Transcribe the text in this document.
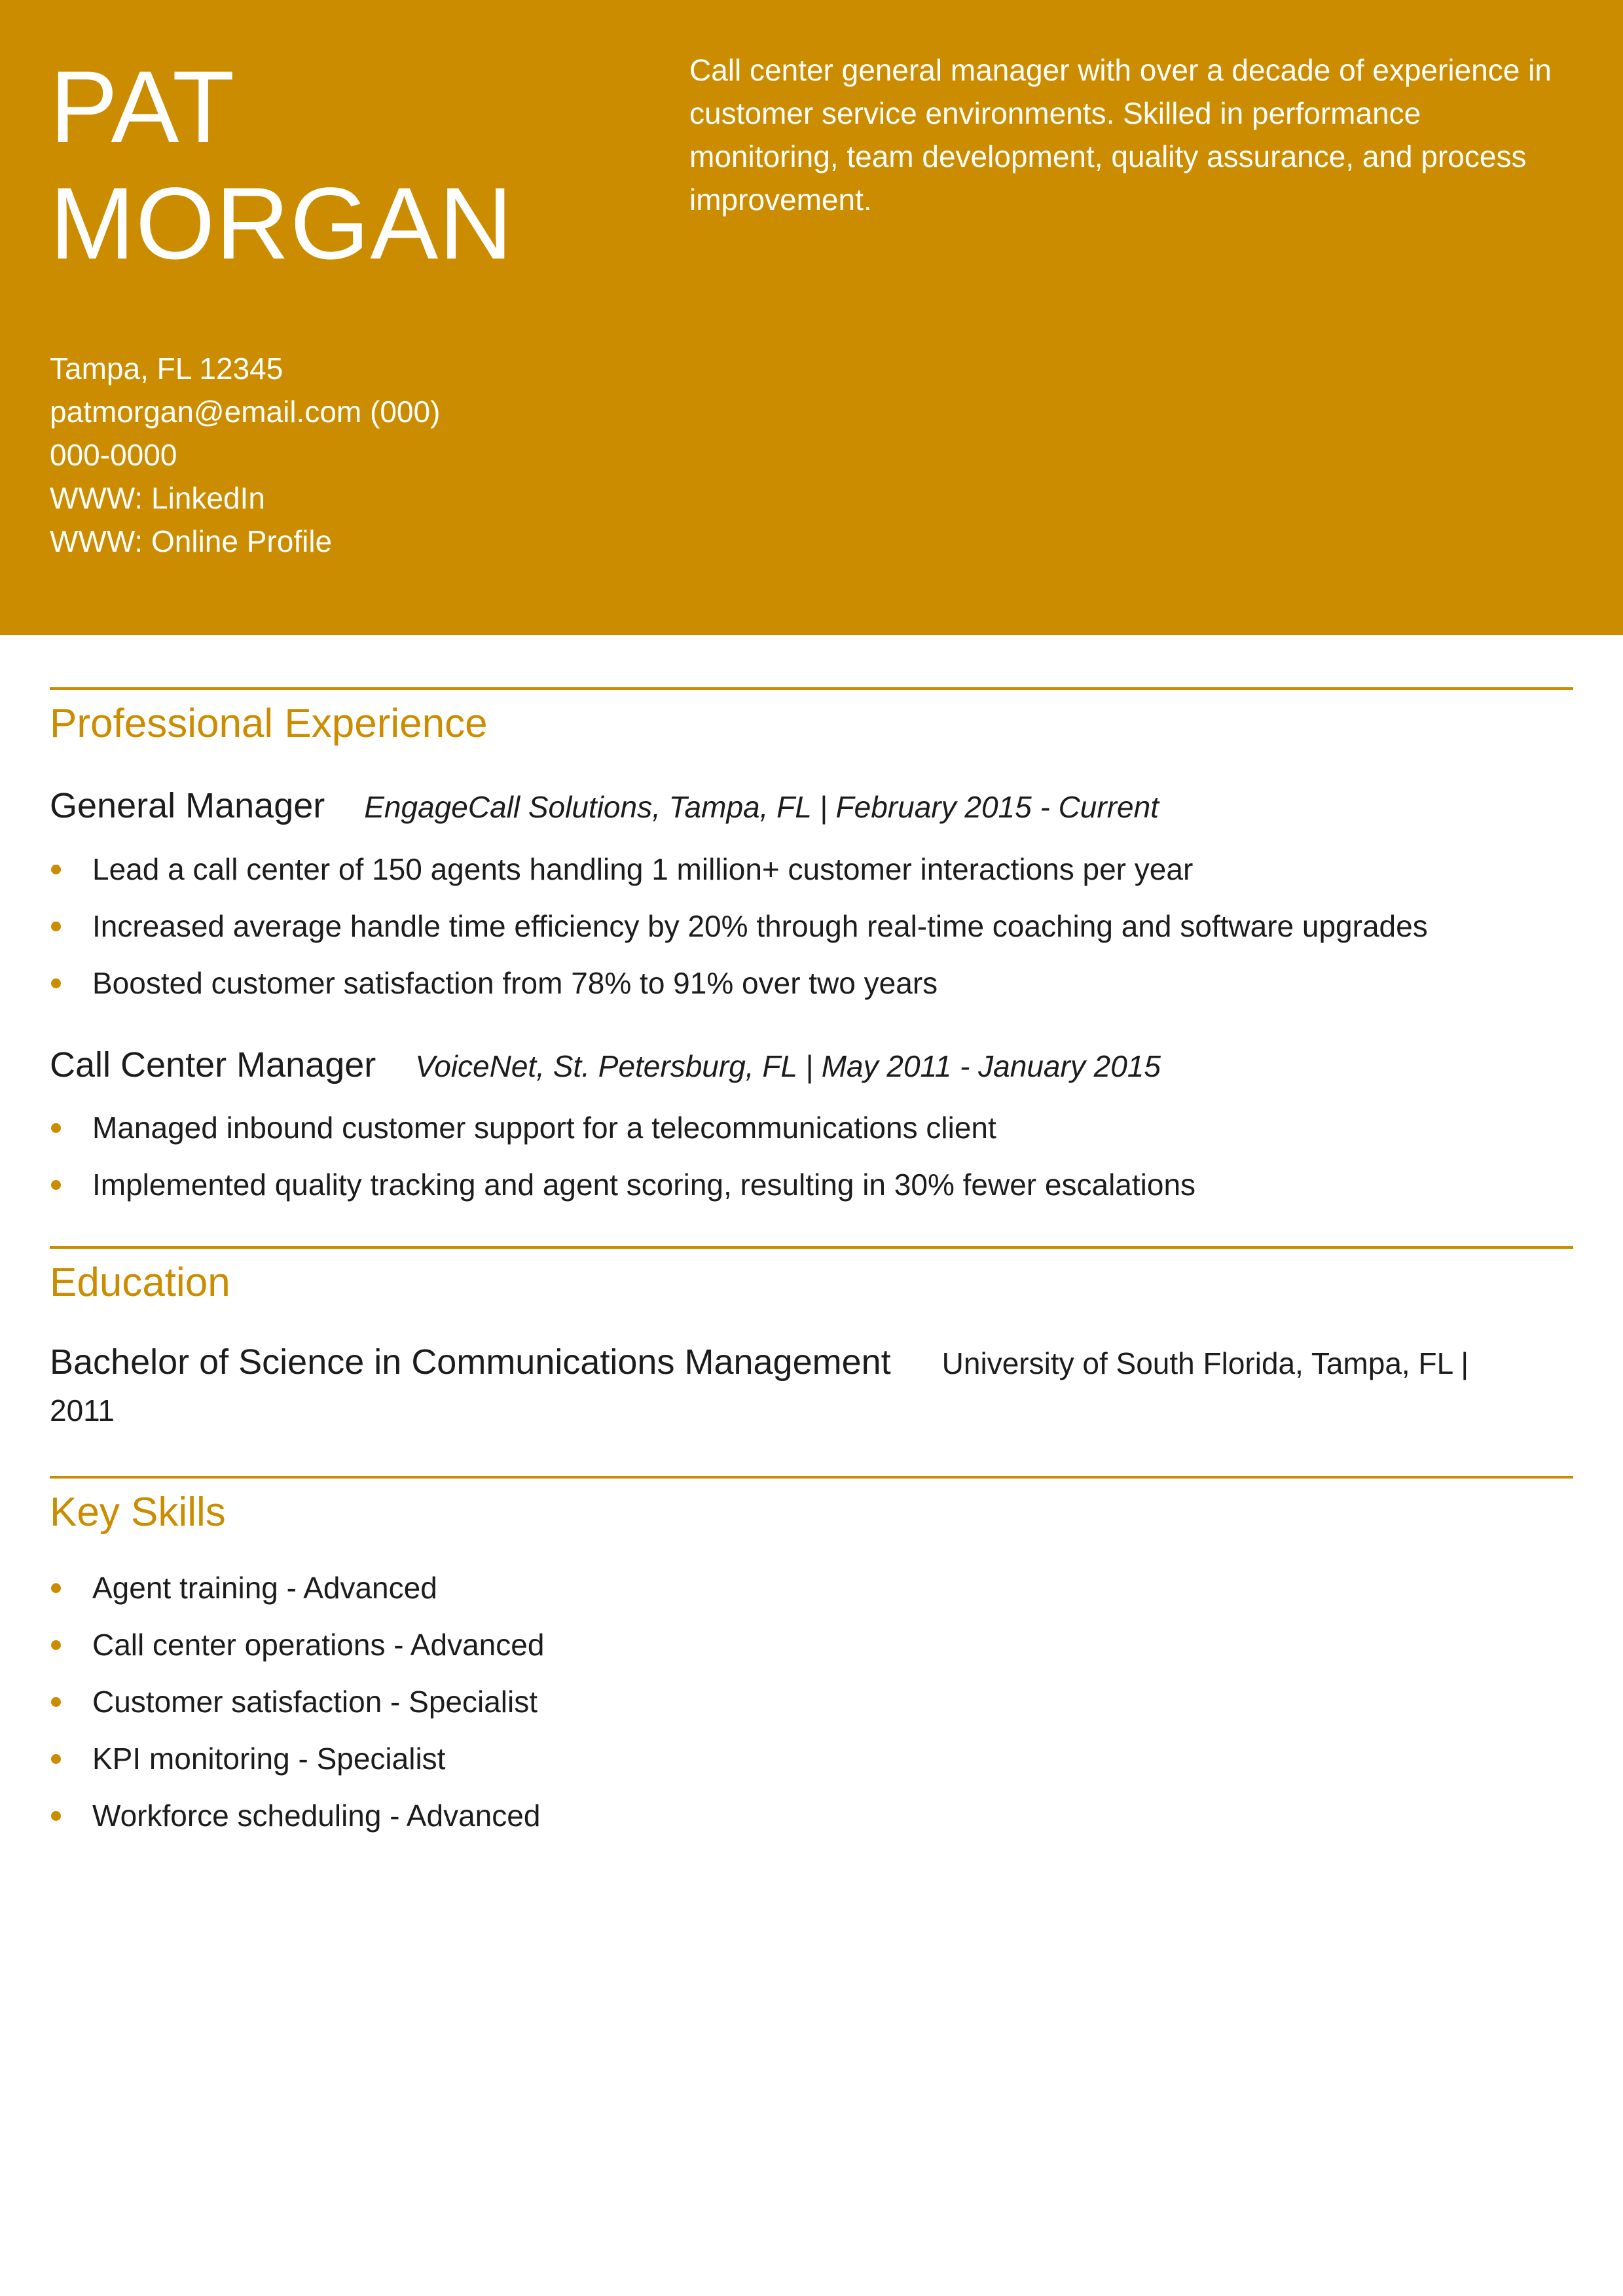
PAT
MORGAN

Call center general manager with over a decade of experience in customer service environments. Skilled in performance monitoring, team development, quality assurance, and process improvement.

Tampa, FL 12345
patmorgan@email.com (000)
000-0000
WWW: LinkedIn
WWW: Online Profile
Professional Experience
General Manager EngageCall Solutions, Tampa, FL | February 2015 - Current
Lead a call center of 150 agents handling 1 million+ customer interactions per year
Increased average handle time efficiency by 20% through real-time coaching and software upgrades
Boosted customer satisfaction from 78% to 91% over two years
Call Center Manager VoiceNet, St. Petersburg, FL | May 2011 - January 2015
Managed inbound customer support for a telecommunications client
Implemented quality tracking and agent scoring, resulting in 30% fewer escalations
Education
Bachelor of Science in Communications Management University of South Florida, Tampa, FL |
2011
Key Skills
Agent training - Advanced
Call center operations - Advanced
Customer satisfaction - Specialist
KPI monitoring - Specialist
Workforce scheduling - Advanced
